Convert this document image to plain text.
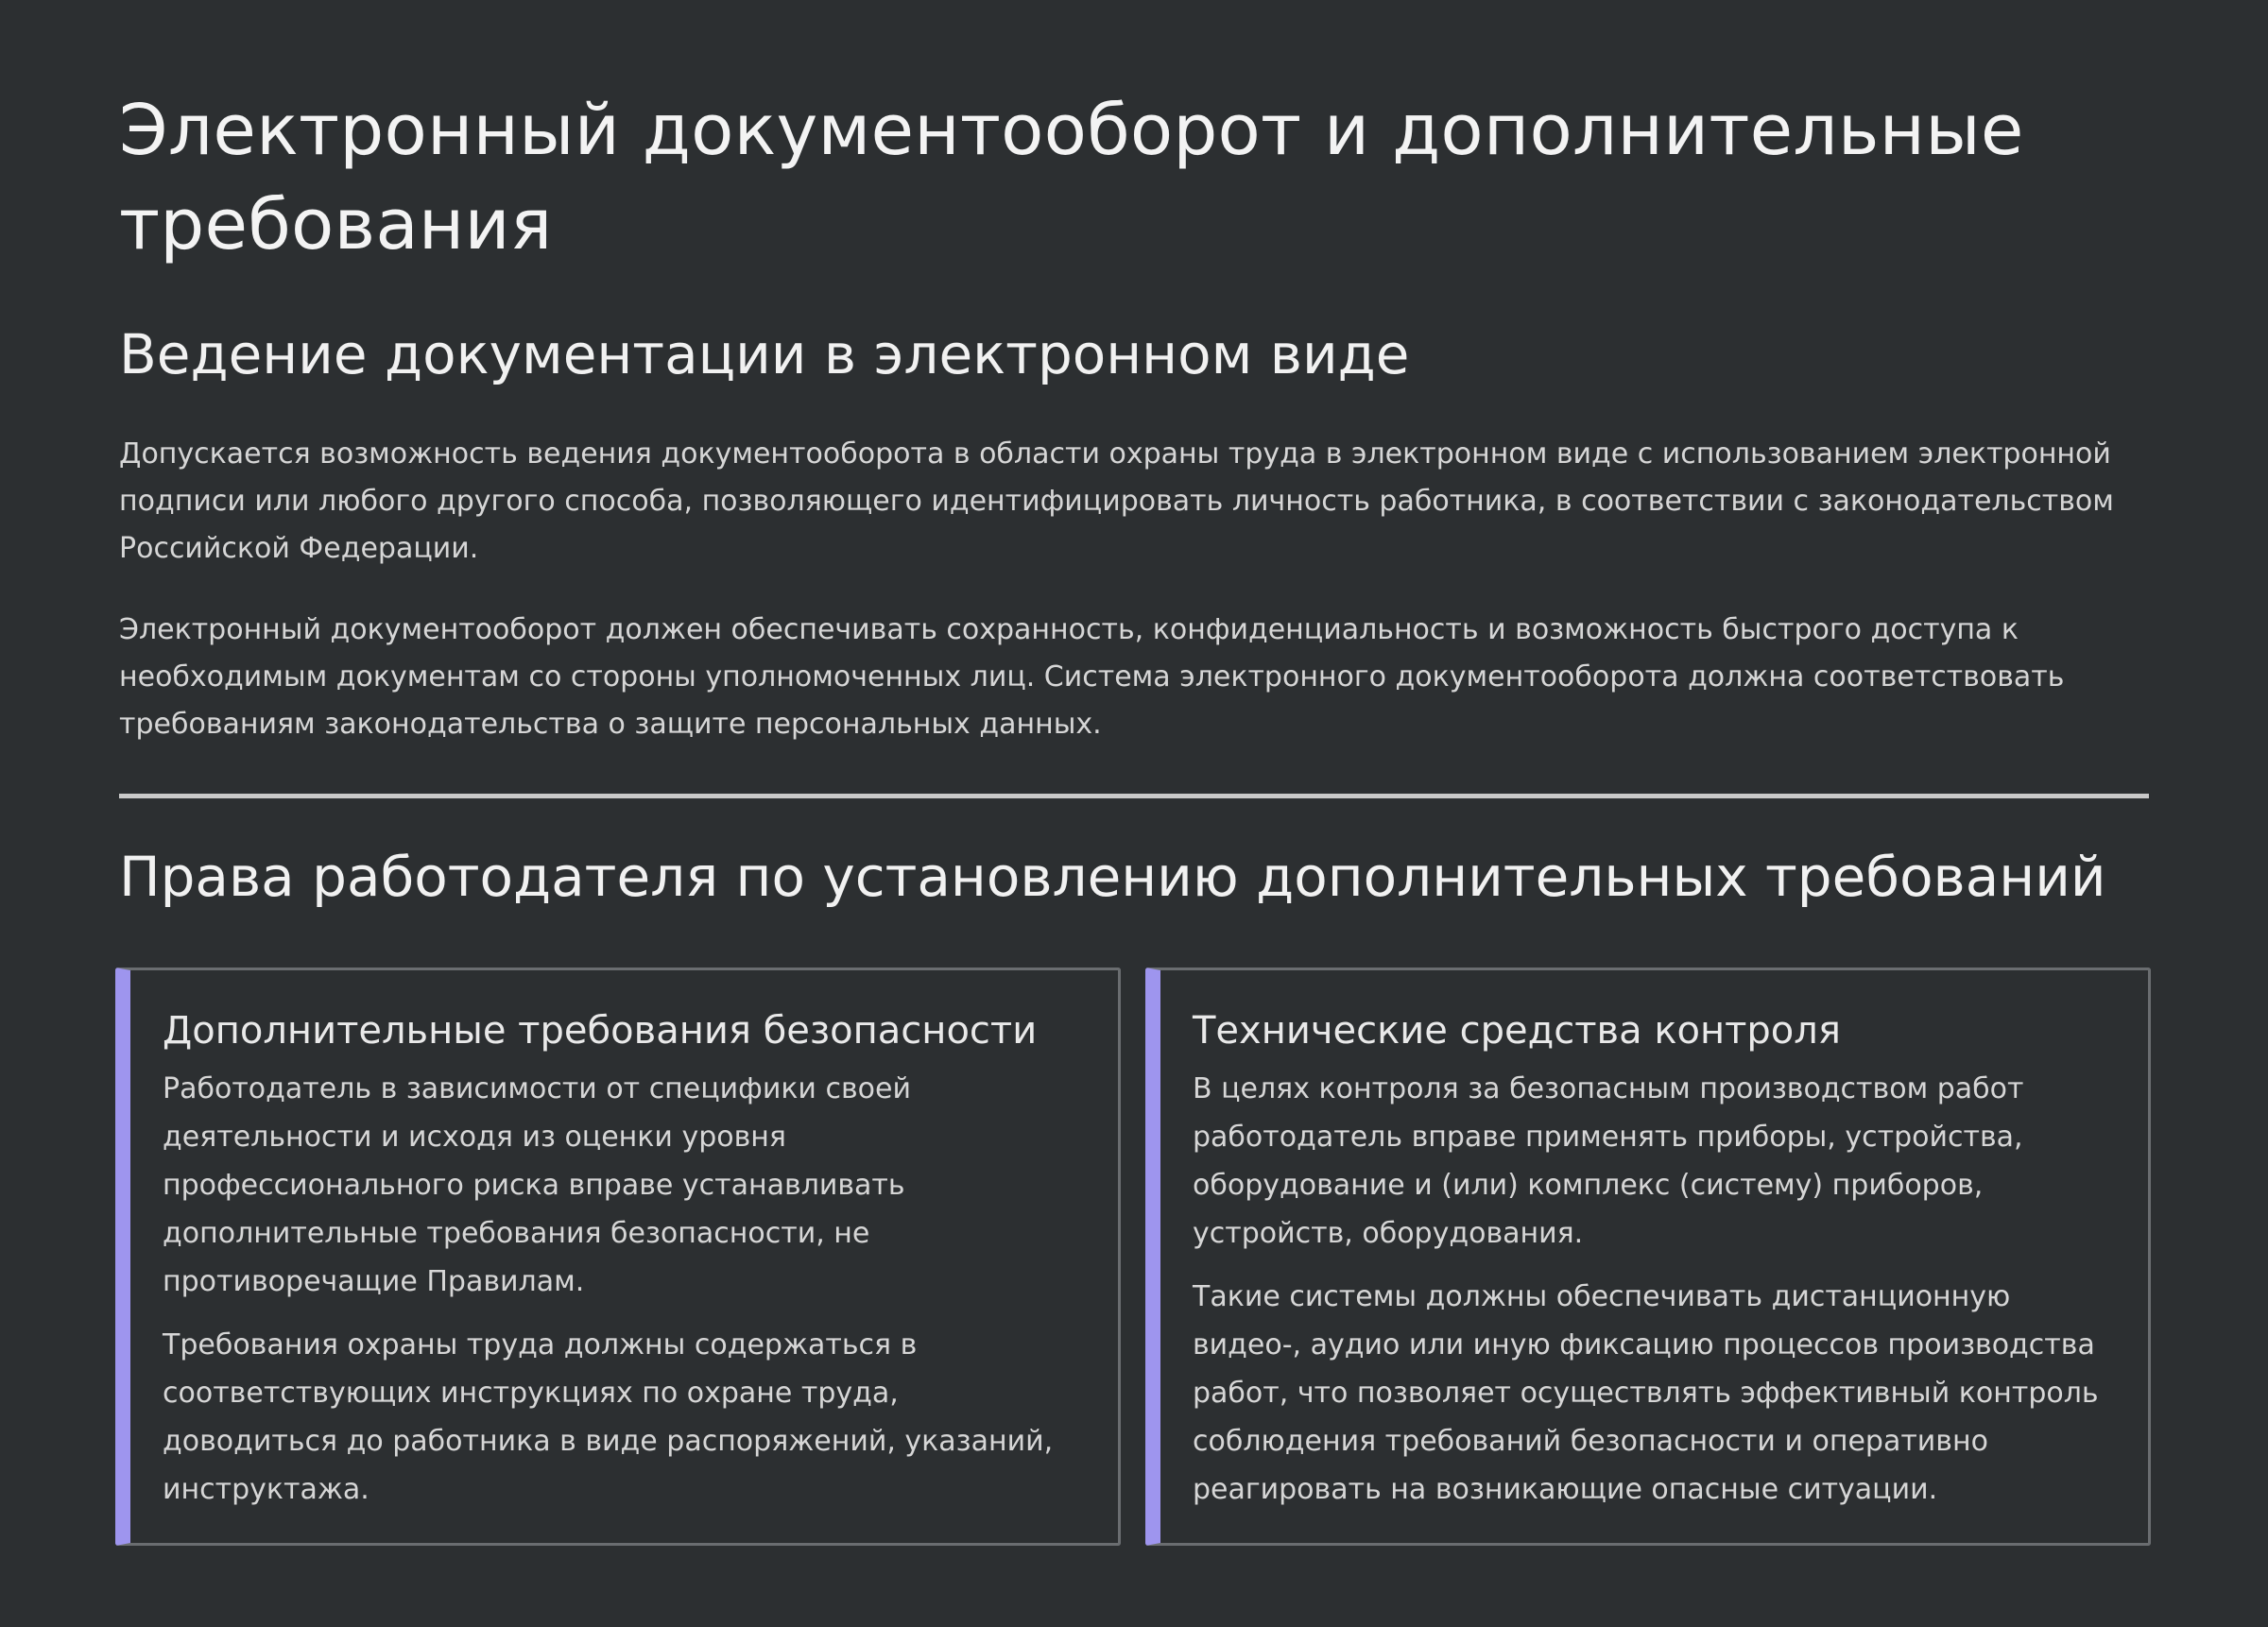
Электронный документооборот и дополнительные требования
Ведение документации в электронном виде

Допускается возможность ведения документооборота в области охраны труда в электронном виде с использованием электронной подписи или любого другого способа, позволяющего идентифицировать личность работника, в соответствии с законодательством Российской Федерации.

Электронный документооборот должен обеспечивать сохранность, конфиденциальность и возможность быстрого доступа к необходимым документам со стороны уполномоченных лиц. Система электронного документооборота должна соответствовать требованиям законодательства о защите персональных данных.

Права работодателя по установлению дополнительных требований
Дополнительные требования безопасности

Работодатель в зависимости от специфики своей деятельности и исходя из оценки уровня профессионального риска вправе устанавливать дополнительные требования безопасности, не противоречащие Правилам.

Требования охраны труда должны содержаться в соответствующих инструкциях по охране труда, доводиться до работника в виде распоряжений, указаний, инструктажа.

Технические средства контроля

В целях контроля за безопасным производством работ работодатель вправе применять приборы, устройства, оборудование и (или) комплекс (систему) приборов, устройств, оборудования.

Такие системы должны обеспечивать дистанционную видео-, аудио или иную фиксацию процессов производства работ, что позволяет осуществлять эффективный контроль соблюдения требований безопасности и оперативно реагировать на возникающие опасные ситуации.
